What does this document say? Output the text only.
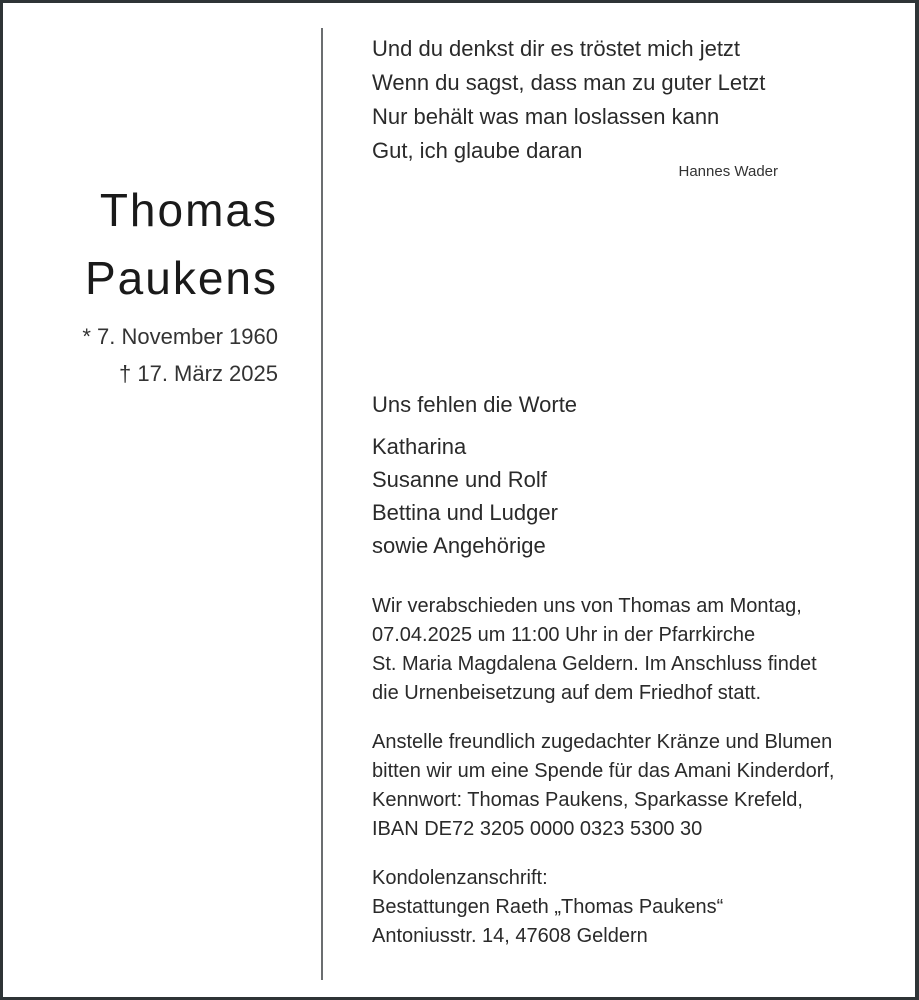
Thomas
Paukens
* 7. November 1960
† 17. März 2025
Und du denkst dir es tröstet mich jetzt
Wenn du sagst, dass man zu guter Letzt
Nur behält was man loslassen kann
Gut, ich glaube daran
Hannes Wader
Uns fehlen die Worte
Katharina
Susanne und Rolf
Bettina und Ludger
sowie Angehörige
Wir verabschieden uns von Thomas am Montag,
07.04.2025 um 11:00 Uhr in der Pfarrkirche
St. Maria Magdalena Geldern. Im Anschluss findet
die Urnenbeisetzung auf dem Friedhof statt.
Anstelle freundlich zugedachter Kränze und Blumen
bitten wir um eine Spende für das Amani Kinderdorf,
Kennwort: Thomas Paukens, Sparkasse Krefeld,
IBAN DE72 3205 0000 0323 5300 30
Kondolenzanschrift:
Bestattungen Raeth „Thomas Paukens“
Antoniusstr. 14, 47608 Geldern
